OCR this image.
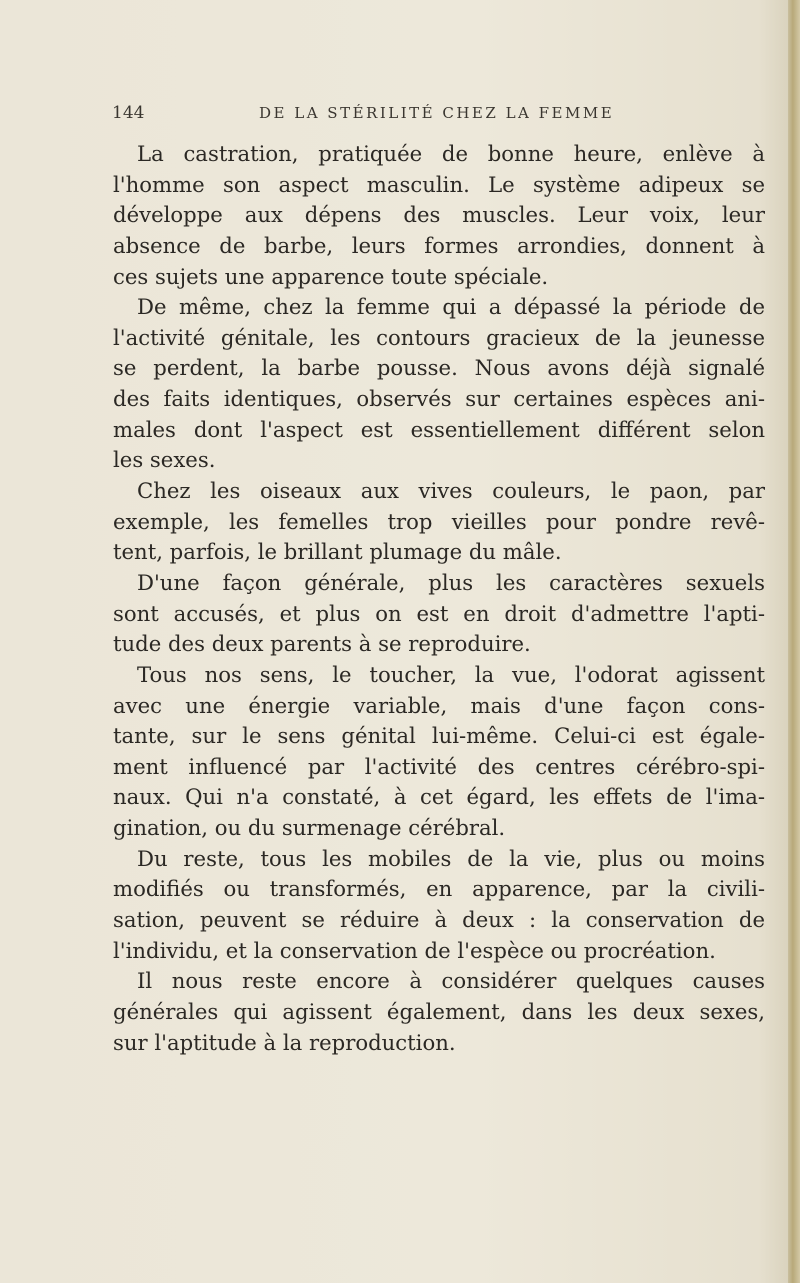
144	DE LA STÉRILITÉ CHEZ LA FEMME
La castration, pratiquée de bonne heure, enlève à
l'homme son aspect masculin. Le système adipeux se
développe aux dépens des muscles. Leur voix, leur
absence de barbe, leurs formes arrondies, donnent à
ces sujets une apparence toute spéciale.
De même, chez la femme qui a dépassé la période de
l'activité génitale, les contours gracieux de la jeunesse
se perdent, la barbe pousse. Nous avons déjà signalé
des faits identiques, observés sur certaines espèces ani-
males dont l'aspect est essentiellement différent selon
les sexes.
Chez les oiseaux aux vives couleurs, le paon, par
exemple, les femelles trop vieilles pour pondre revê-
tent, parfois, le brillant plumage du mâle.
D'une façon générale, plus les caractères sexuels
sont accusés, et plus on est en droit d'admettre l'apti-
tude des deux parents à se reproduire.
Tous nos sens, le toucher, la vue, l'odorat agissent
avec une énergie variable, mais d'une façon cons-
tante, sur le sens génital lui-même. Celui-ci est égale-
ment influencé par l'activité des centres cérébro-spi-
naux. Qui n'a constaté, à cet égard, les effets de l'ima-
gination, ou du surmenage cérébral.
Du reste, tous les mobiles de la vie, plus ou moins
modifiés ou transformés, en apparence, par la civili-
sation, peuvent se réduire à deux : la conservation de
l'individu, et la conservation de l'espèce ou procréation.
Il nous reste encore à considérer quelques causes
générales qui agissent également, dans les deux sexes,
sur l'aptitude à la reproduction.
